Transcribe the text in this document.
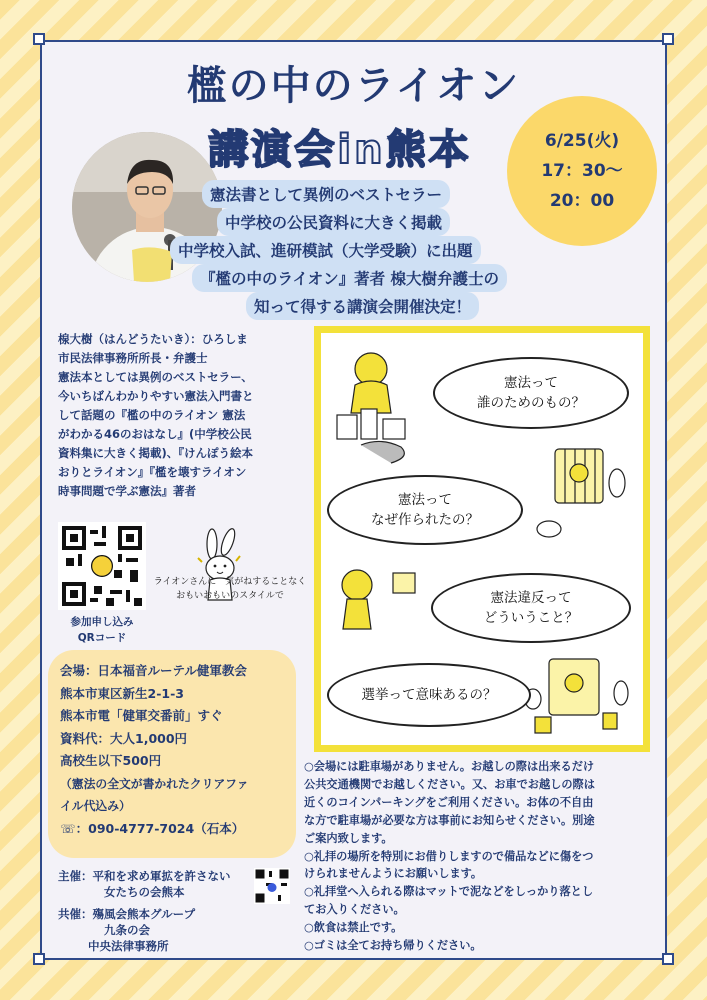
檻の中のライオン
講演会in熊本	6/25(火)
17：30〜
20：00
憲法書として異例のベストセラー
中学校の公民資料に大きく掲載
中学校入試、進研模試（大学受験）に出題
『檻の中のライオン』著者 楾大樹弁護士の
知って得する講演会開催決定！
楾大樹（はんどうたいき）：ひろしま
市民法律事務所所長・弁護士
憲法本としては異例のベストセラー、
今いちばんわかりやすい憲法入門書と
して話題の『檻の中のライオン 憲法
がわかる46のおはなし』(中学校公民
資料集に大きく掲載)、『けんぽう絵本
おりとライオン』『檻を壊すライオン
時事問題で学ぶ憲法』著者
参加申し込み
QRコード
ライオンさんに　気がねすることなく
おもいおもいのスタイルで
会場：日本福音ルーテル健軍教会
熊本市東区新生2-1-3
熊本市電「健軍交番前」すぐ
資料代：大人1,000円
高校生以下500円
（憲法の全文が書かれたクリアファ
イル代込み）
☏：090-4777-7024（石本）
主催：平和を求め軍拡を許さない
女たちの会熊本
共催：殤風会熊本グループ
九条の会
中央法律事務所
憲法って
誰のためのもの？
憲法って
なぜ作られたの？
憲法違反って
どういうこと？
選挙って意味あるの？
○会場には駐車場がありません。お越しの際は出来るだけ
公共交通機関でお越しください。又、お車でお越しの際は
近くのコインパーキングをご利用ください。お体の不自由
な方で駐車場が必要な方は事前にお知らせください。別途
ご案内致します。
○礼拝の場所を特別にお借りしますので備品などに傷をつ
けられませんようにお願いします。
○礼拝堂へ入られる際はマットで泥などをしっかり落とし
てお入りください。
○飲食は禁止です。
○ゴミは全てお持ち帰りください。
